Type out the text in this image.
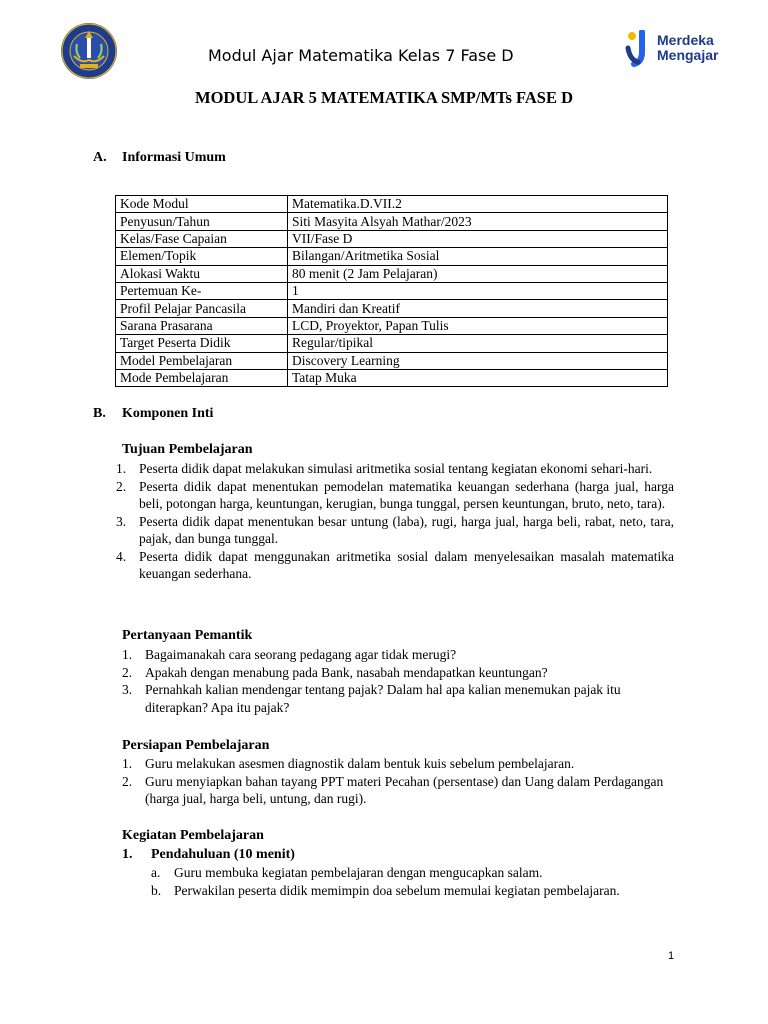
Modul Ajar Matematika Kelas 7 Fase D
Merdeka
Mengajar
MODUL AJAR 5 MATEMATIKA SMP/MTs FASE D
A. Informasi Umum
Kode Modul	Matematika.D.VII.2
Penyusun/Tahun	Siti Masyita Alsyah Mathar/2023
Kelas/Fase Capaian	VII/Fase D
Elemen/Topik	Bilangan/Aritmetika Sosial
Alokasi Waktu	80 menit (2 Jam Pelajaran)
Pertemuan Ke-	1
Profil Pelajar Pancasila	Mandiri dan Kreatif
Sarana Prasarana	LCD, Proyektor, Papan Tulis
Target Peserta Didik	Regular/tipikal
Model Pembelajaran	Discovery Learning
Mode Pembelajaran	Tatap Muka
B. Komponen Inti
Tujuan Pembelajaran
1. Peserta didik dapat melakukan simulasi aritmetika sosial tentang kegiatan ekonomi sehari-hari.
2. Peserta didik dapat menentukan pemodelan matematika keuangan sederhana (harga jual, harga beli, potongan harga, keuntungan, kerugian, bunga tunggal, persen keuntungan, bruto, neto, tara).
3. Peserta didik dapat menentukan besar untung (laba), rugi, harga jual, harga beli, rabat, neto, tara, pajak, dan bunga tunggal.
4. Peserta didik dapat menggunakan aritmetika sosial dalam menyelesaikan masalah matematika keuangan sederhana.
Pertanyaan Pemantik
1. Bagaimanakah cara seorang pedagang agar tidak merugi?
2. Apakah dengan menabung pada Bank, nasabah mendapatkan keuntungan?
3. Pernahkah kalian mendengar tentang pajak? Dalam hal apa kalian menemukan pajak itu diterapkan? Apa itu pajak?
Persiapan Pembelajaran
1. Guru melakukan asesmen diagnostik dalam bentuk kuis sebelum pembelajaran.
2. Guru menyiapkan bahan tayang PPT materi Pecahan (persentase) dan Uang dalam Perdagangan (harga jual, harga beli, untung, dan rugi).
Kegiatan Pembelajaran
1. Pendahuluan (10 menit)
a. Guru membuka kegiatan pembelajaran dengan mengucapkan salam.
b. Perwakilan peserta didik memimpin doa sebelum memulai kegiatan pembelajaran.
1
